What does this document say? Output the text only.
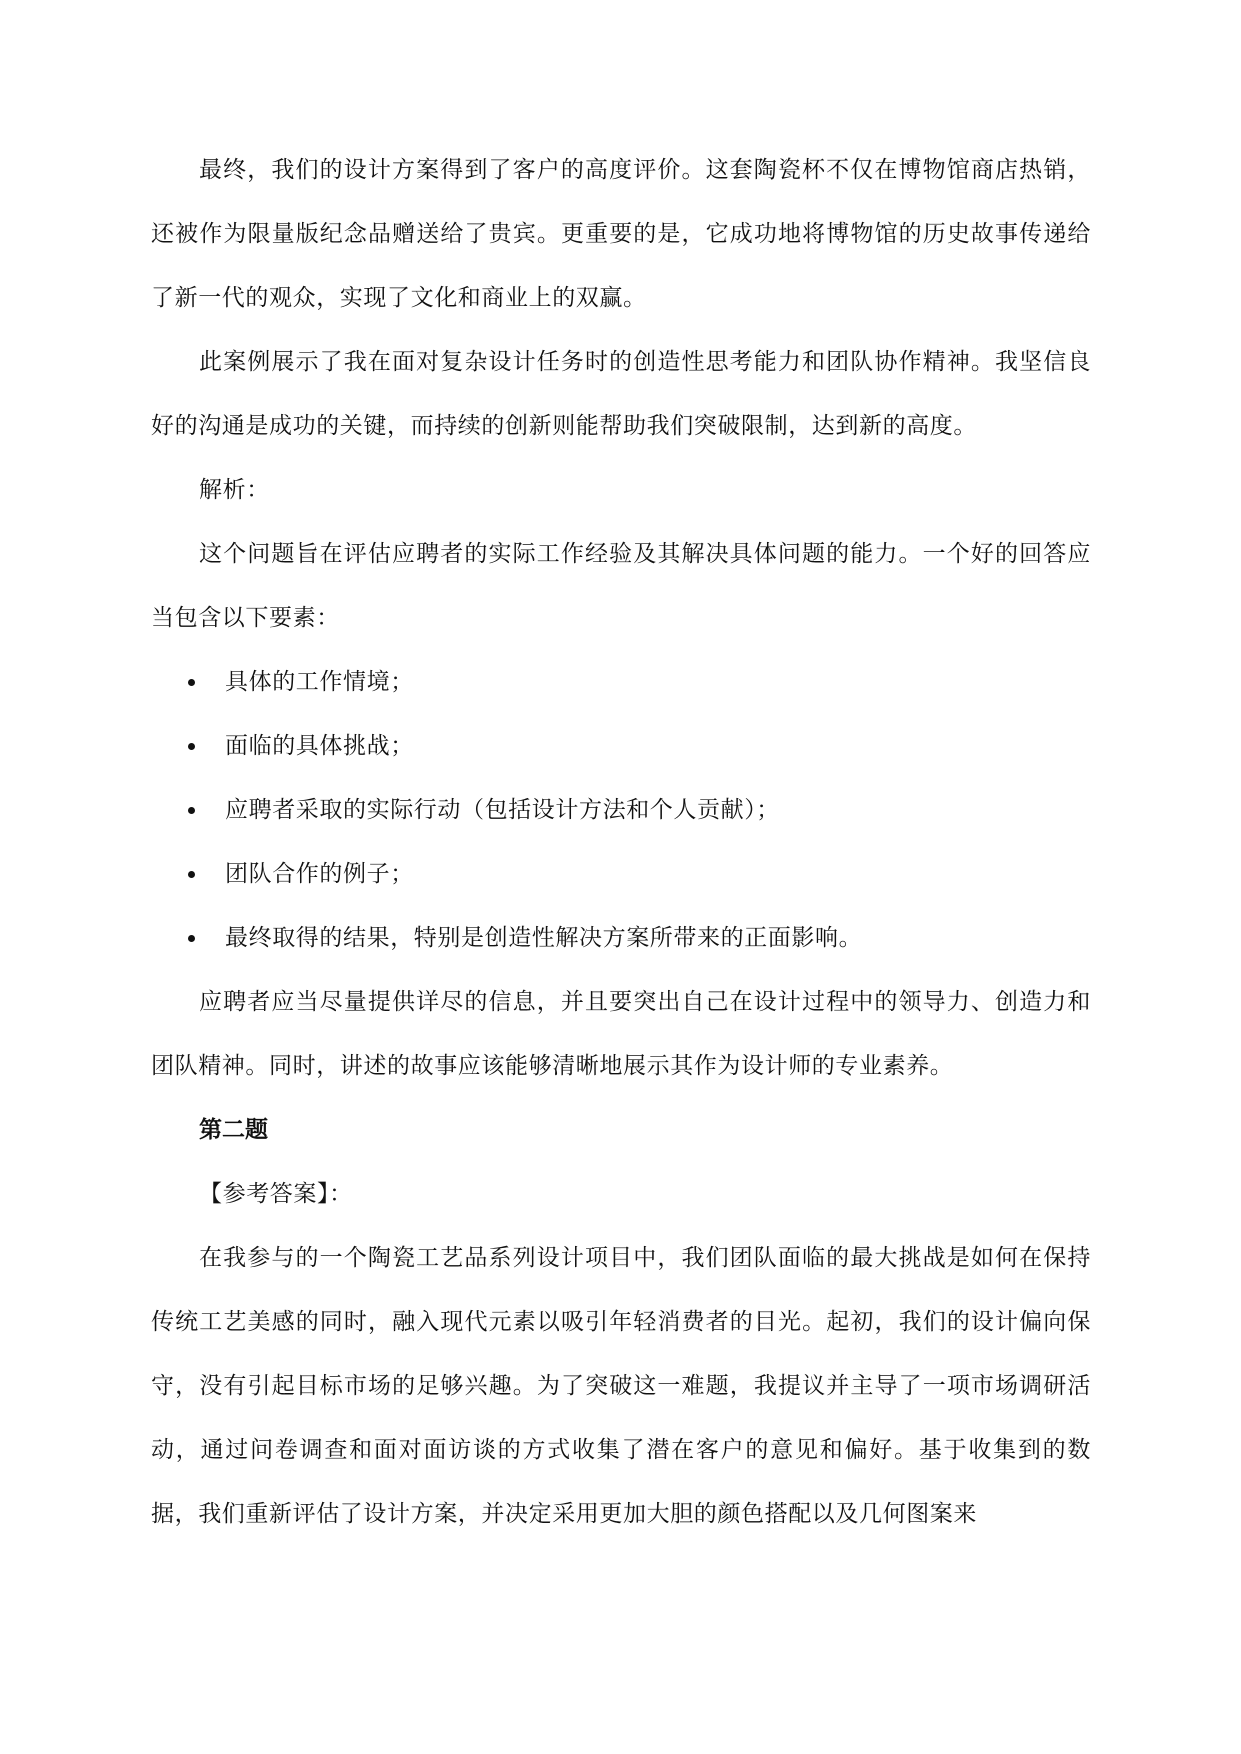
最终，我们的设计方案得到了客户的高度评价。这套陶瓷杯不仅在博物馆商店热销，还被作为限量版纪念品赠送给了贵宾。更重要的是，它成功地将博物馆的历史故事传递给了新一代的观众，实现了文化和商业上的双赢。

此案例展示了我在面对复杂设计任务时的创造性思考能力和团队协作精神。我坚信良好的沟通是成功的关键，而持续的创新则能帮助我们突破限制，达到新的高度。

解析：

这个问题旨在评估应聘者的实际工作经验及其解决具体问题的能力。一个好的回答应当包含以下要素：

具体的工作情境；
面临的具体挑战；
应聘者采取的实际行动（包括设计方法和个人贡献）；
团队合作的例子；
最终取得的结果，特别是创造性解决方案所带来的正面影响。

应聘者应当尽量提供详尽的信息，并且要突出自己在设计过程中的领导力、创造力和团队精神。同时，讲述的故事应该能够清晰地展示其作为设计师的专业素养。

第二题

【参考答案】：

在我参与的一个陶瓷工艺品系列设计项目中，我们团队面临的最大挑战是如何在保持传统工艺美感的同时，融入现代元素以吸引年轻消费者的目光。起初，我们的设计偏向保守，没有引起目标市场的足够兴趣。为了突破这一难题，我提议并主导了一项市场调研活动，通过问卷调查和面对面访谈的方式收集了潜在客户的意见和偏好。基于收集到的数据，我们重新评估了设计方案，并决定采用更加大胆的颜色搭配以及几何图案来
